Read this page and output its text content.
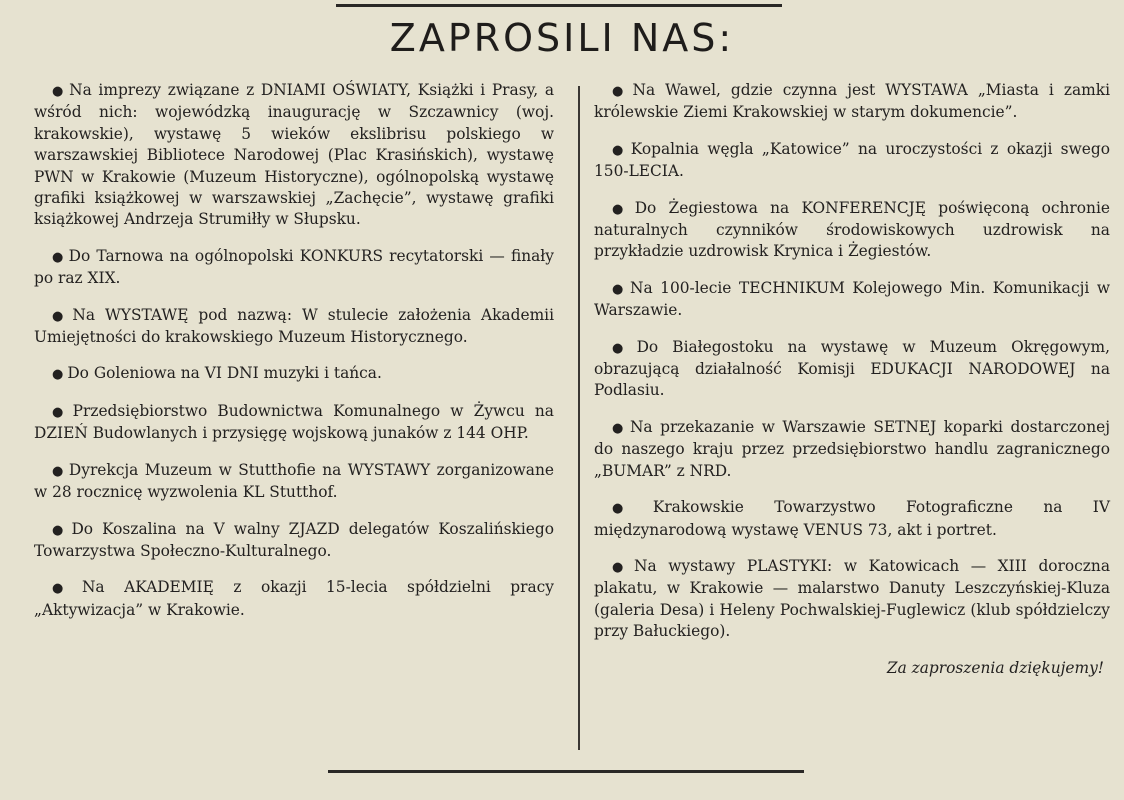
ZAPROSILI NAS:

● Na imprezy związane z DNIAMI OŚWIATY, Książki i Prasy, a wśród nich: wojewódzką inaugurację w Szczawnicy (woj. krakowskie), wystawę 5 wieków ekslibrisu polskiego w warszawskiej Bibliotece Narodowej (Plac Krasińskich), wystawę PWN w Krakowie (Muzeum Historyczne), ogólnopolską wystawę grafiki książkowej w warszawskiej „Zachęcie”, wystawę grafiki książkowej Andrzeja Strumiłły w Słupsku.

● Do Tarnowa na ogólnopolski KONKURS recytatorski — finały po raz XIX.

● Na WYSTAWĘ pod nazwą: W stulecie założenia Akademii Umiejętności do krakowskiego Muzeum Historycznego.

● Do Goleniowa na VI DNI muzyki i tańca.

● Przedsiębiorstwo Budownictwa Komunalnego w Żywcu na DZIEŃ Budowlanych i przysięgę wojskową junaków z 144 OHP.

● Dyrekcja Muzeum w Stutthofie na WYSTAWY zorganizowane w 28 rocznicę wyzwolenia KL Stutthof.

● Do Koszalina na V walny ZJAZD delegatów Koszalińskiego Towarzystwa Społeczno-Kulturalnego.

● Na AKADEMIĘ z okazji 15-lecia spółdzielni pracy „Aktywizacja” w Krakowie.

● Na Wawel, gdzie czynna jest WYSTAWA „Miasta i zamki królewskie Ziemi Krakowskiej w starym dokumencie”.

● Kopalnia węgla „Katowice” na uroczystości z okazji swego 150-LECIA.

● Do Żegiestowa na KONFERENCJĘ poświęconą ochronie naturalnych czynników środowiskowych uzdrowisk na przykładzie uzdrowisk Krynica i Żegiestów.

● Na 100-lecie TECHNIKUM Kolejowego Min. Komunikacji w Warszawie.

● Do Białegostoku na wystawę w Muzeum Okręgowym, obrazującą działalność Komisji EDUKACJI NARODOWEJ na Podlasiu.

● Na przekazanie w Warszawie SETNEJ koparki dostarczonej do naszego kraju przez przedsiębiorstwo handlu zagranicznego „BUMAR” z NRD.

● Krakowskie Towarzystwo Fotograficzne na IV międzynarodową wystawę VENUS 73, akt i portret.

● Na wystawy PLASTYKI: w Katowicach — XIII doroczna plakatu, w Krakowie — malarstwo Danuty Leszczyńskiej-Kluza (galeria Desa) i Heleny Pochwalskiej-Fuglewicz (klub spółdzielczy przy Bałuckiego).

Za zaproszenia dziękujemy!
